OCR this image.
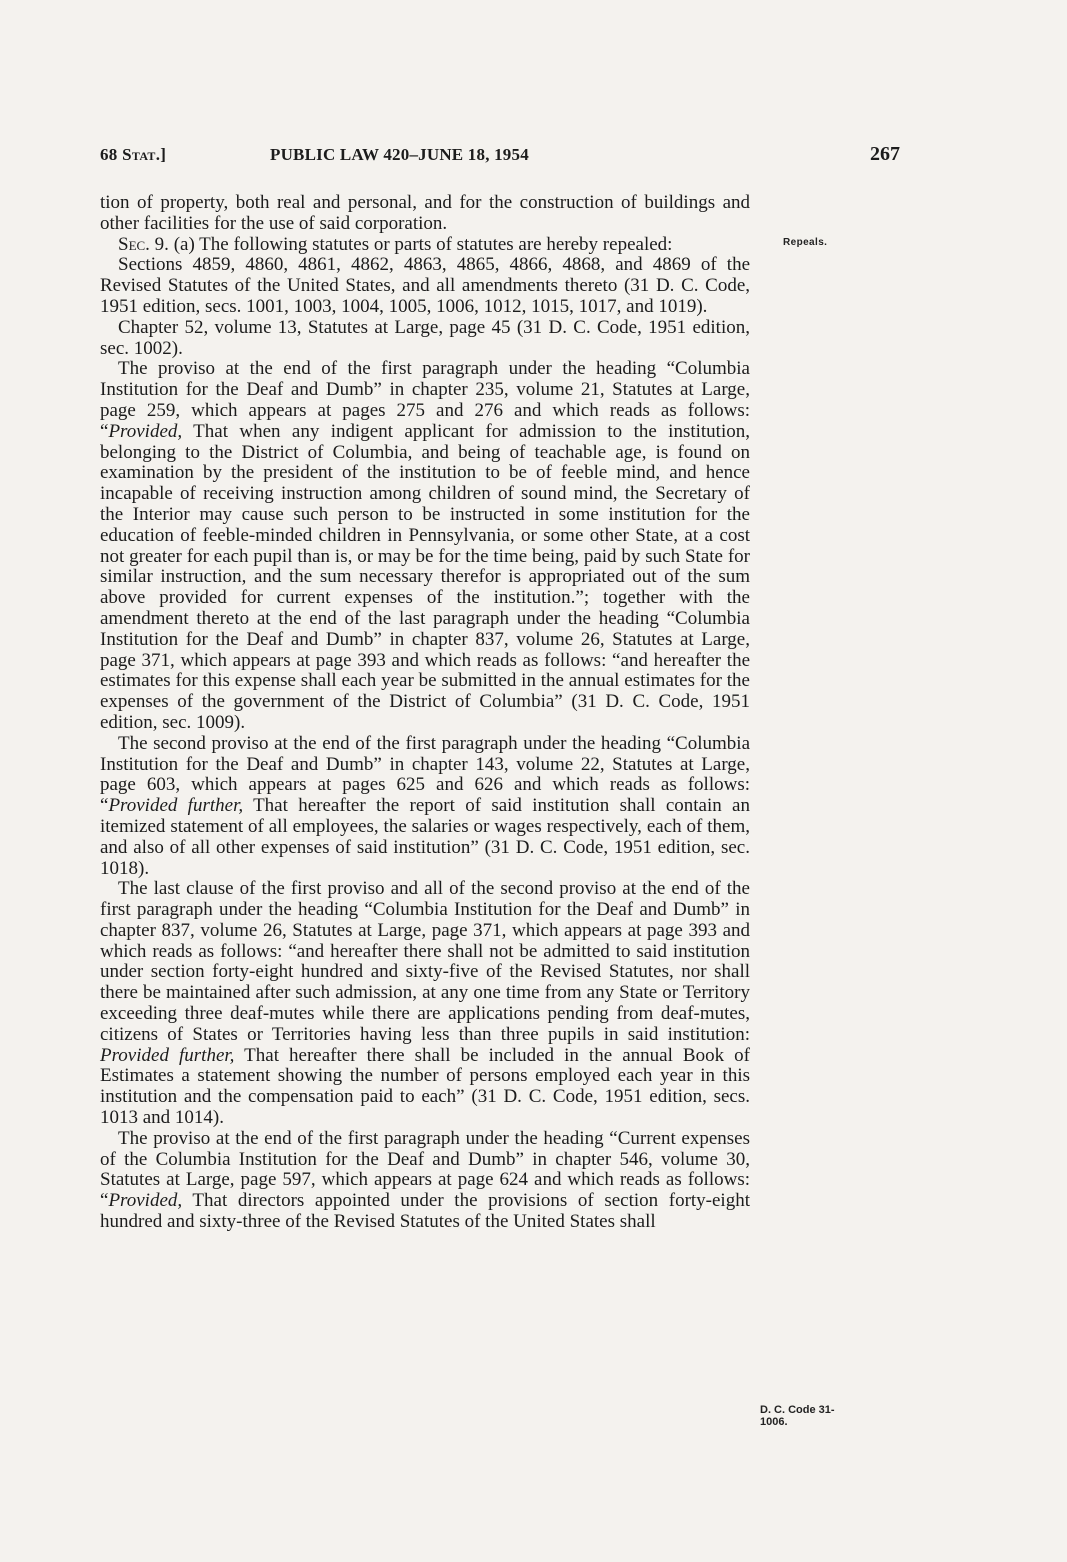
68 Stat.]	PUBLIC LAW 420–JUNE 18, 1954	267
Repeals.
D. C. Code 31-
1006.

tion of property, both real and personal, and for the construction of buildings and other facilities for the use of said corporation.

Sec. 9. (a) The following statutes or parts of statutes are hereby repealed:

Sections 4859, 4860, 4861, 4862, 4863, 4865, 4866, 4868, and 4869 of the Revised Statutes of the United States, and all amendments thereto (31 D. C. Code, 1951 edition, secs. 1001, 1003, 1004, 1005, 1006, 1012, 1015, 1017, and 1019).

Chapter 52, volume 13, Statutes at Large, page 45 (31 D. C. Code, 1951 edition, sec. 1002).

The proviso at the end of the first paragraph under the heading “Columbia Institution for the Deaf and Dumb” in chapter 235, volume 21, Statutes at Large, page 259, which appears at pages 275 and 276 and which reads as follows: “Provided, That when any indigent applicant for admission to the institution, belonging to the District of Columbia, and being of teachable age, is found on examination by the president of the institution to be of feeble mind, and hence incapable of receiving instruction among children of sound mind, the Secretary of the Interior may cause such person to be instructed in some institution for the education of feeble-minded children in Pennsylvania, or some other State, at a cost not greater for each pupil than is, or may be for the time being, paid by such State for similar instruction, and the sum necessary therefor is appropriated out of the sum above provided for current expenses of the institution.”; together with the amendment thereto at the end of the last paragraph under the heading “Columbia Institution for the Deaf and Dumb” in chapter 837, volume 26, Statutes at Large, page 371, which appears at page 393 and which reads as follows: “and hereafter the estimates for this expense shall each year be submitted in the annual estimates for the expenses of the government of the District of Columbia” (31 D. C. Code, 1951 edition, sec. 1009).

The second proviso at the end of the first paragraph under the heading “Columbia Institution for the Deaf and Dumb” in chapter 143, volume 22, Statutes at Large, page 603, which appears at pages 625 and 626 and which reads as follows: “Provided further, That hereafter the report of said institution shall contain an itemized statement of all employees, the salaries or wages respectively, each of them, and also of all other expenses of said institution” (31 D. C. Code, 1951 edition, sec. 1018).

The last clause of the first proviso and all of the second proviso at the end of the first paragraph under the heading “Columbia Institution for the Deaf and Dumb” in chapter 837, volume 26, Statutes at Large, page 371, which appears at page 393 and which reads as follows: “and hereafter there shall not be admitted to said institution under section forty-eight hundred and sixty-five of the Revised Statutes, nor shall there be maintained after such admission, at any one time from any State or Territory exceeding three deaf-mutes while there are applications pending from deaf-mutes, citizens of States or Territories having less than three pupils in said institution: Provided further, That hereafter there shall be included in the annual Book of Estimates a statement showing the number of persons employed each year in this institution and the compensation paid to each” (31 D. C. Code, 1951 edition, secs. 1013 and 1014).

The proviso at the end of the first paragraph under the heading “Current expenses of the Columbia Institution for the Deaf and Dumb” in chapter 546, volume 30, Statutes at Large, page 597, which appears at page 624 and which reads as follows: “Provided, That directors appointed under the provisions of section forty-eight hundred and sixty-three of the Revised Statutes of the United States shall
